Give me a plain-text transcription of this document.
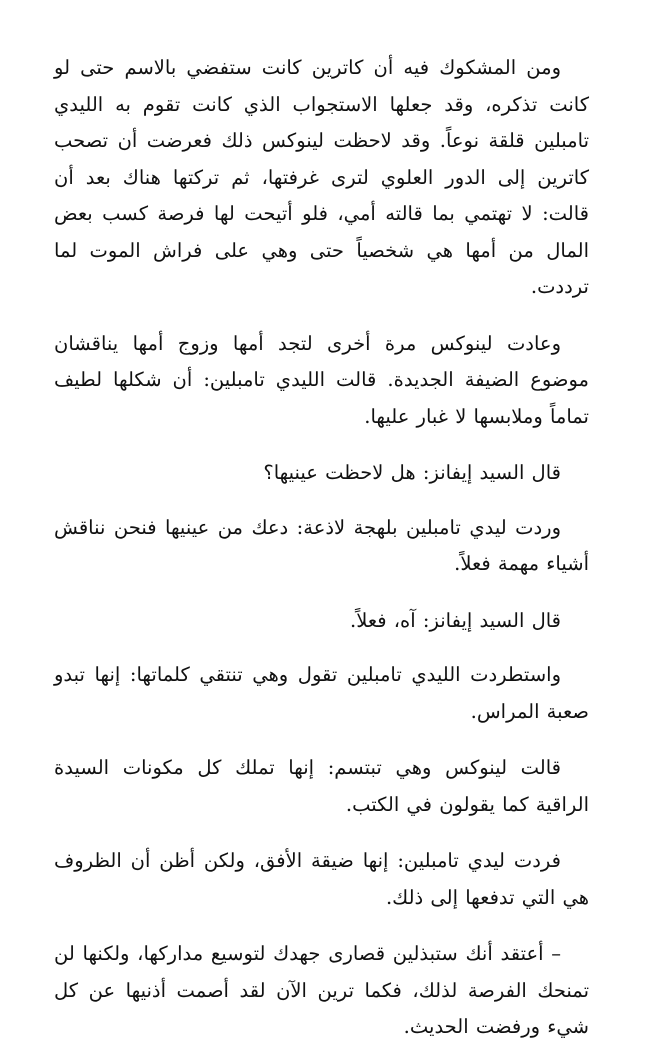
ومن المشكوك فيه أن كاترين كانت ستفضي بالاسم حتى لو كانت تذكره، وقد جعلها الاستجواب الذي كانت تقوم به الليدي تامبلين قلقة نوعاً. وقد لاحظت لينوكس ذلك فعرضت أن تصحب كاترين إلى الدور العلوي لترى غرفتها، ثم تركتها هناك بعد أن قالت: لا تهتمي بما قالته أمي، فلو أتيحت لها فرصة كسب بعض المال من أمها هي شخصياً حتى وهي على فراش الموت لما ترددت.

وعادت لينوكس مرة أخرى لتجد أمها وزوج أمها يناقشان موضوع الضيفة الجديدة. قالت الليدي تامبلين: أن شكلها لطيف تماماً وملابسها لا غبار عليها.

قال السيد إيفانز: هل لاحظت عينيها؟

وردت ليدي تامبلين بلهجة لاذعة: دعك من عينيها فنحن نناقش أشياء مهمة فعلاً.

قال السيد إيفانز: آه، فعلاً.

واستطردت الليدي تامبلين تقول وهي تنتقي كلماتها: إنها تبدو صعبة المراس.

قالت لينوكس وهي تبتسم: إنها تملك كل مكونات السيدة الراقية كما يقولون في الكتب.

فردت ليدي تامبلين: إنها ضيقة الأفق، ولكن أظن أن الظروف هي التي تدفعها إلى ذلك.

– أعتقد أنك ستبذلين قصارى جهدك لتوسيع مداركها، ولكنها لن تمنحك الفرصة لذلك، فكما ترين الآن لقد أصمت أذنيها عن كل شيء ورفضت الحديث.
